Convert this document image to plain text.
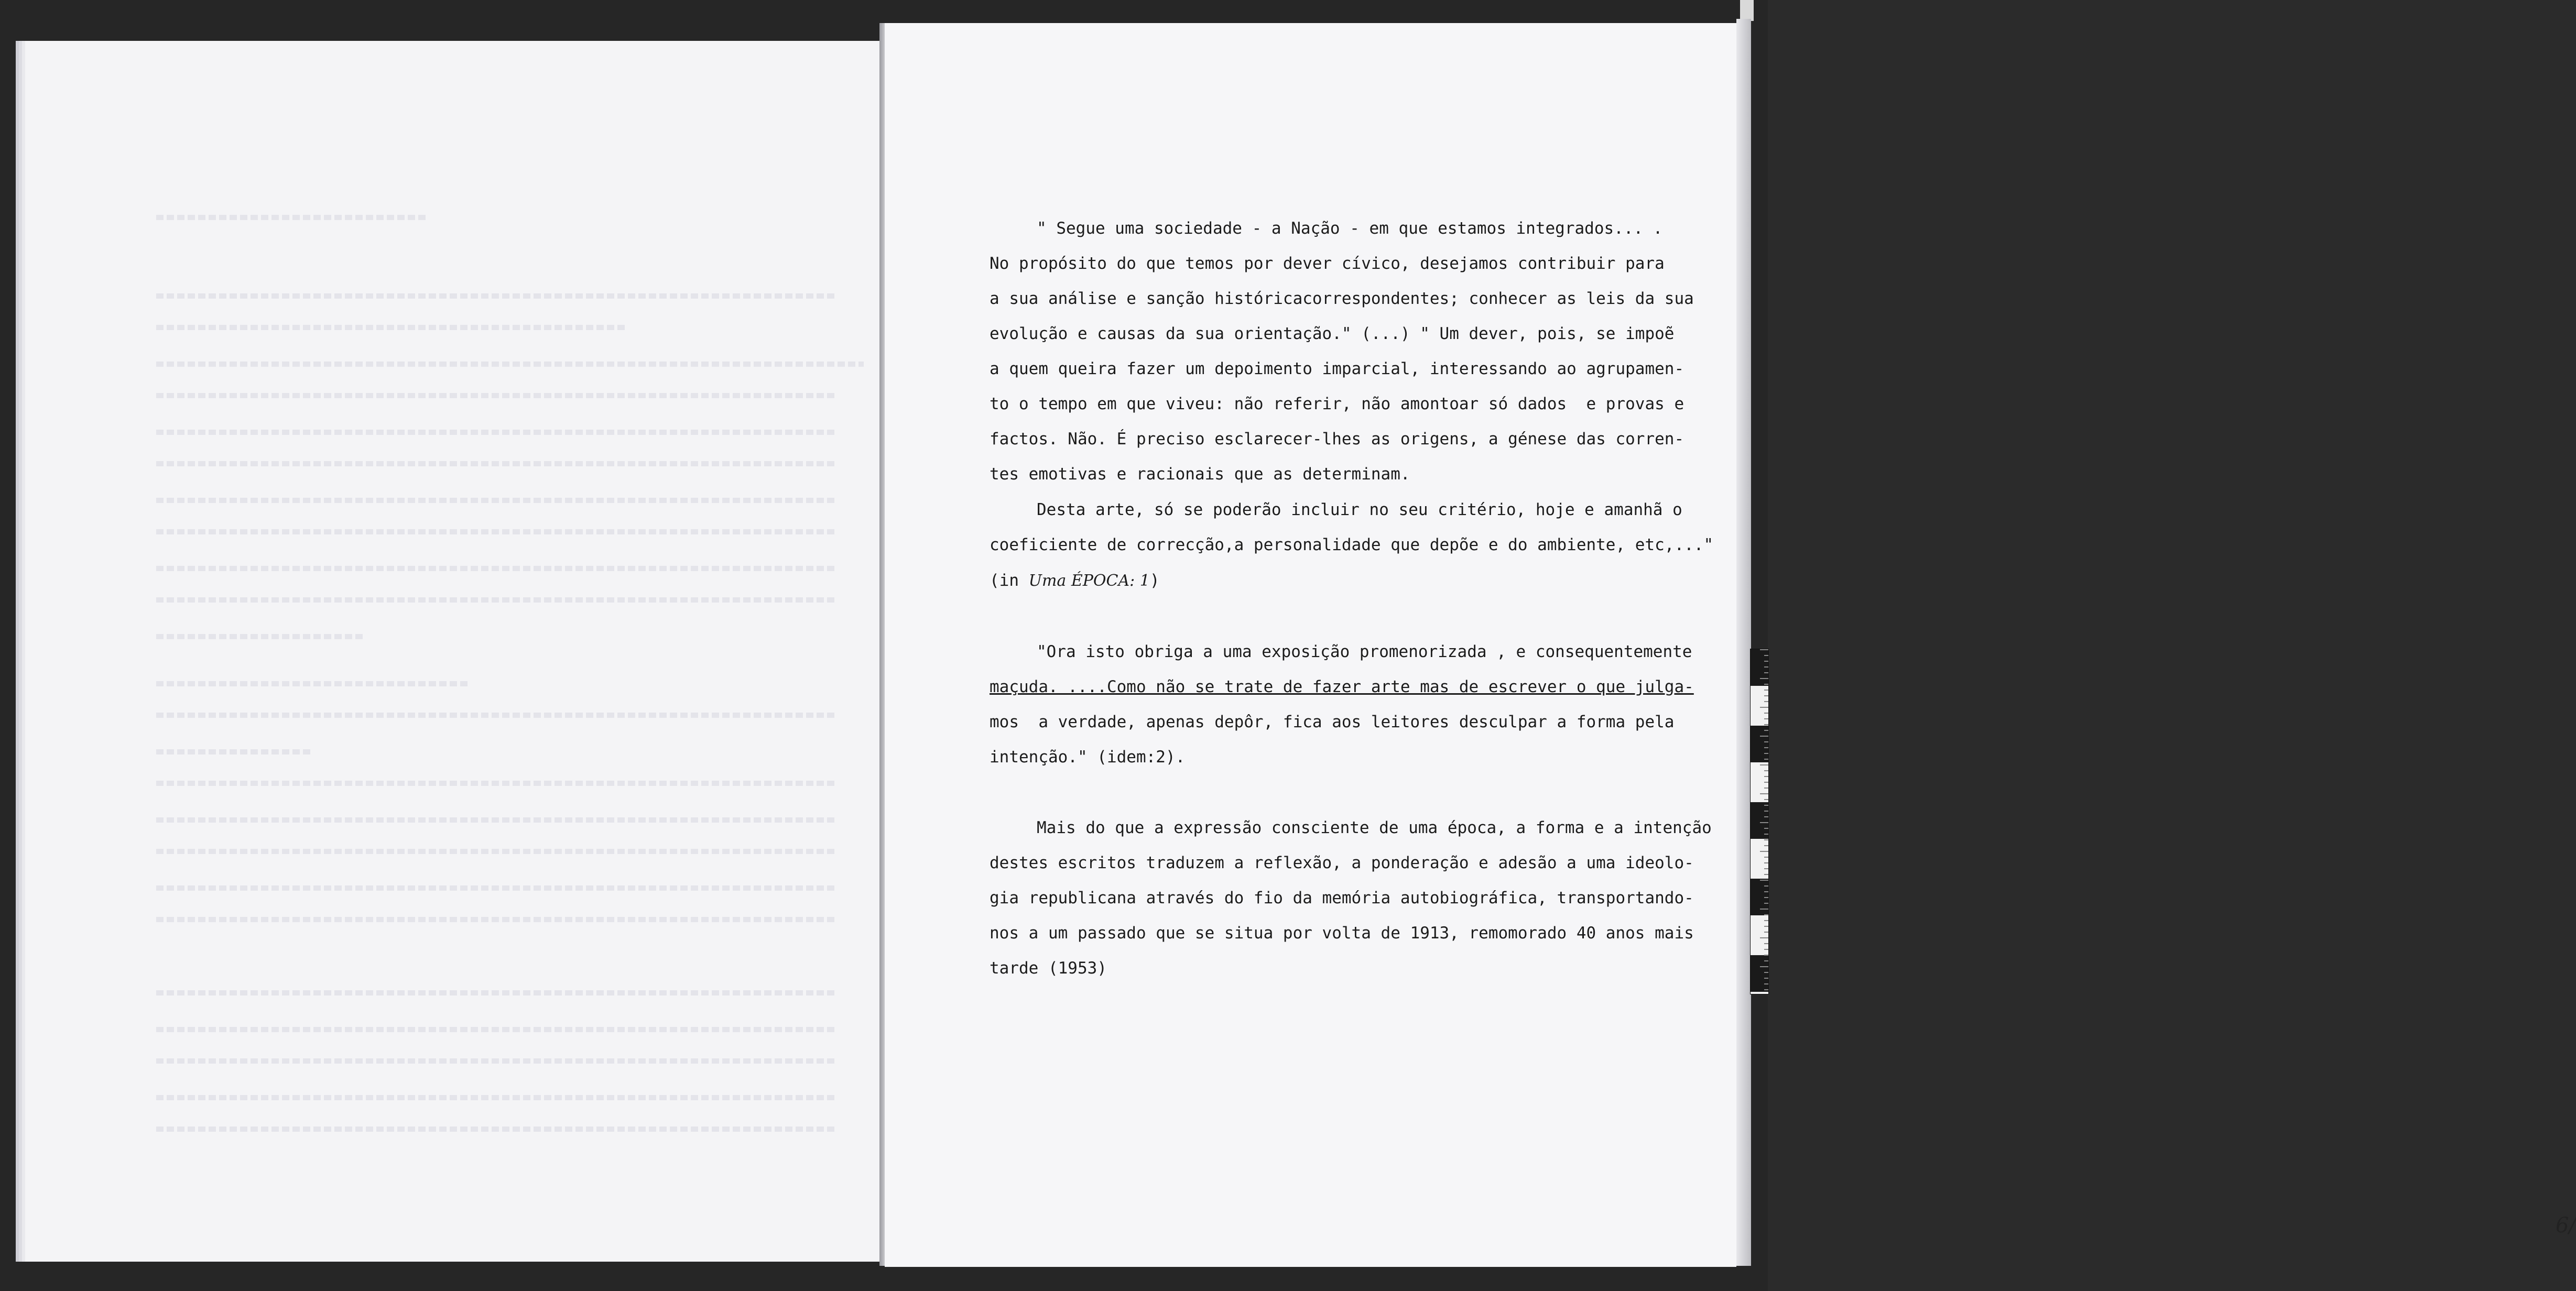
6/
" Segue uma sociedade - a Nação - em que estamos integrados... .
No propósito do que temos por dever cívico, desejamos contribuir para
a sua análise e sanção históricacorrespondentes; conhecer as leis da sua
evolução e causas da sua orientação." (...) " Um dever, pois, se impoẽ
a quem queira fazer um depoimento imparcial, interessando ao agrupamen-
to o tempo em que viveu: não referir, não amontoar só dados  e provas e
factos. Não. É preciso esclarecer-lhes as origens, a génese das corren-
tes emotivas e racionais que as determinam.
Desta arte, só se poderão incluir no seu critério, hoje e amanhã o
coeficiente de correcção,a personalidade que depõe e do ambiente, etc,..."
(in Uma ÉPOCA: 1)
"Ora isto obriga a uma exposição promenorizada , e consequentemente
maçuda. ....Como não se trate de fazer arte mas de escrever o que julga-
mos  a verdade, apenas depôr, fica aos leitores desculpar a forma pela
intenção." (idem:2).
Mais do que a expressão consciente de uma época, a forma e a intenção
destes escritos traduzem a reflexão, a ponderação e adesão a uma ideolo-
gia republicana através do fio da memória autobiográfica, transportando-
nos a um passado que se situa por volta de 1913, remomorado 40 anos mais
tarde (1953)
